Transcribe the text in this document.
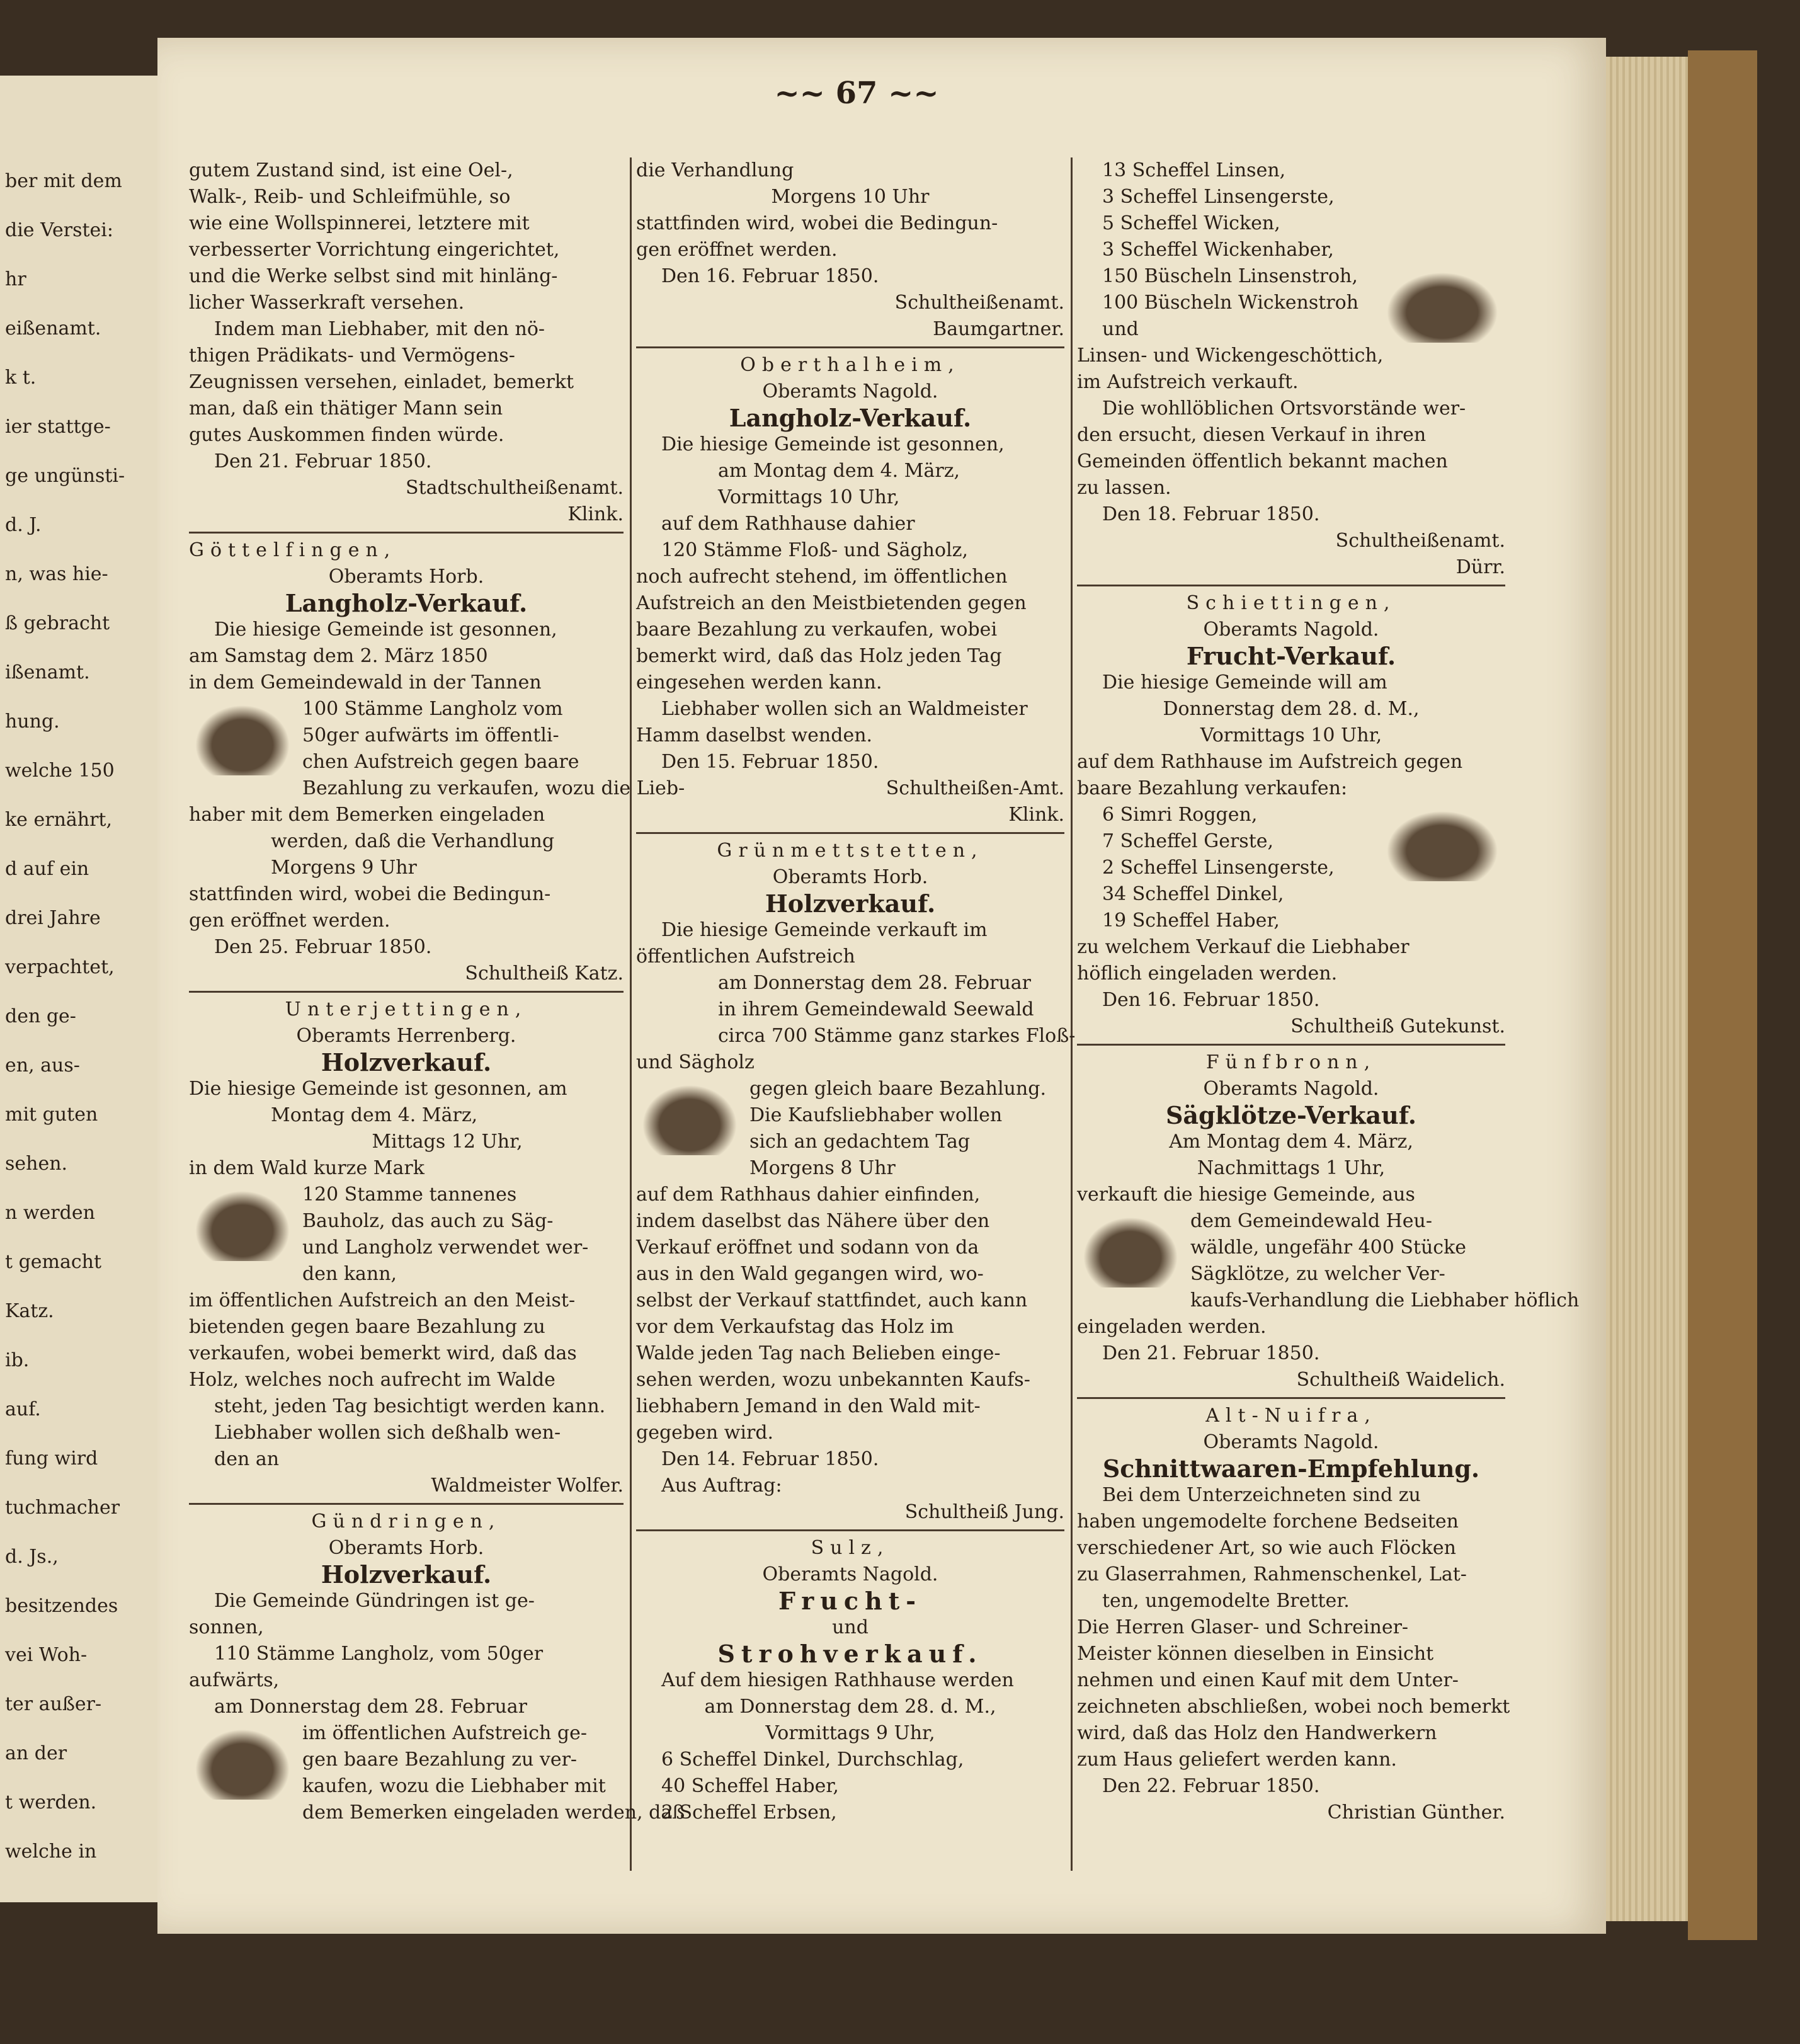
ber mit dem
die Verstei:
hr
eißenamt.
k t.
ier stattge-
ge ungünsti-
d. J.
n, was hie-
ß gebracht
ißenamt.
hung.
welche 150
ke ernährt,
d auf ein
drei Jahre
verpachtet,
den ge-
en, aus-
mit guten
sehen.
n werden
t gemacht
Katz.
ib.
auf.
fung wird
tuchmacher
d. Js.,
besitzendes
vei Woh-
ter außer-
an der
t werden.
welche in
~~ 67 ~~
gutem Zustand sind, ist eine Oel-,
Walk-, Reib- und Schleifmühle, so
wie eine Wollspinnerei, letztere mit
verbesserter Vorrichtung eingerichtet,
und die Werke selbst sind mit hinläng-
licher Wasserkraft versehen.
Indem man Liebhaber, mit den nö-
thigen Prädikats- und Vermögens-
Zeugnissen versehen, einladet, bemerkt
man, daß ein thätiger Mann sein
gutes Auskommen finden würde.
Den 21. Februar 1850.
Stadtschultheißenamt.
Klink.
Göttelfingen,
Oberamts Horb.
Langholz-Verkauf.
Die hiesige Gemeinde ist gesonnen,
am Samstag dem 2. März 1850
in dem Gemeindewald in der Tannen
100 Stämme Langholz vom
50ger aufwärts im öffentli-
chen Aufstreich gegen baare
Bezahlung zu verkaufen, wozu die Lieb-
haber mit dem Bemerken eingeladen
werden, daß die Verhandlung
Morgens 9 Uhr
stattfinden wird, wobei die Bedingun-
gen eröffnet werden.
Den 25. Februar 1850.
Schultheiß Katz.
Unterjettingen,
Oberamts Herrenberg.
Holzverkauf.
Die hiesige Gemeinde ist gesonnen, am
Montag dem 4. März,
Mittags 12 Uhr,
in dem Wald kurze Mark
120 Stamme tannenes
Bauholz, das auch zu Säg-
und Langholz verwendet wer-
den kann,
im öffentlichen Aufstreich an den Meist-
bietenden gegen baare Bezahlung zu
verkaufen, wobei bemerkt wird, daß das
Holz, welches noch aufrecht im Walde
steht, jeden Tag besichtigt werden kann.
Liebhaber wollen sich deßhalb wen-
den an
Waldmeister Wolfer.
Gündringen,
Oberamts Horb.
Holzverkauf.
Die Gemeinde Gündringen ist ge-
sonnen,
110 Stämme Langholz, vom 50ger
aufwärts,
am Donnerstag dem 28. Februar
im öffentlichen Aufstreich ge-
gen baare Bezahlung zu ver-
kaufen, wozu die Liebhaber mit
dem Bemerken eingeladen werden, daß
die Verhandlung
Morgens 10 Uhr
stattfinden wird, wobei die Bedingun-
gen eröffnet werden.
Den 16. Februar 1850.
Schultheißenamt.
Baumgartner.
Oberthalheim,
Oberamts Nagold.
Langholz-Verkauf.
Die hiesige Gemeinde ist gesonnen,
am Montag dem 4. März,
Vormittags 10 Uhr,
auf dem Rathhause dahier
120 Stämme Floß- und Sägholz,
noch aufrecht stehend, im öffentlichen
Aufstreich an den Meistbietenden gegen
baare Bezahlung zu verkaufen, wobei
bemerkt wird, daß das Holz jeden Tag
eingesehen werden kann.
Liebhaber wollen sich an Waldmeister
Hamm daselbst wenden.
Den 15. Februar 1850.
Schultheißen-Amt.
Klink.
Grünmettstetten,
Oberamts Horb.
Holzverkauf.
Die hiesige Gemeinde verkauft im
öffentlichen Aufstreich
am Donnerstag dem 28. Februar
in ihrem Gemeindewald Seewald
circa 700 Stämme ganz starkes Floß-
und Sägholz
gegen gleich baare Bezahlung.
Die Kaufsliebhaber wollen
sich an gedachtem Tag
Morgens 8 Uhr
auf dem Rathhaus dahier einfinden,
indem daselbst das Nähere über den
Verkauf eröffnet und sodann von da
aus in den Wald gegangen wird, wo-
selbst der Verkauf stattfindet, auch kann
vor dem Verkaufstag das Holz im
Walde jeden Tag nach Belieben einge-
sehen werden, wozu unbekannten Kaufs-
liebhabern Jemand in den Wald mit-
gegeben wird.
Den 14. Februar 1850.
Aus Auftrag:
Schultheiß Jung.
Sulz,
Oberamts Nagold.
Frucht-
und
Strohverkauf.
Auf dem hiesigen Rathhause werden
am Donnerstag dem 28. d. M.,
Vormittags 9 Uhr,
6 Scheffel Dinkel, Durchschlag,
40 Scheffel Haber,
2 Scheffel Erbsen,
13 Scheffel Linsen,
3 Scheffel Linsengerste,
5 Scheffel Wicken,
3 Scheffel Wickenhaber,
150 Büscheln Linsenstroh,
100 Büscheln Wickenstroh
und
Linsen- und Wickengeschöttich,
im Aufstreich verkauft.
Die wohllöblichen Ortsvorstände wer-
den ersucht, diesen Verkauf in ihren
Gemeinden öffentlich bekannt machen
zu lassen.
Den 18. Februar 1850.
Schultheißenamt.
Dürr.
Schiettingen,
Oberamts Nagold.
Frucht-Verkauf.
Die hiesige Gemeinde will am
Donnerstag dem 28. d. M.,
Vormittags 10 Uhr,
auf dem Rathhause im Aufstreich gegen
baare Bezahlung verkaufen:
6 Simri Roggen,
7 Scheffel Gerste,
2 Scheffel Linsengerste,
34 Scheffel Dinkel,
19 Scheffel Haber,
zu welchem Verkauf die Liebhaber
höflich eingeladen werden.
Den 16. Februar 1850.
Schultheiß Gutekunst.
Fünfbronn,
Oberamts Nagold.
Sägklötze-Verkauf.
Am Montag dem 4. März,
Nachmittags 1 Uhr,
verkauft die hiesige Gemeinde, aus
dem Gemeindewald Heu-
wäldle, ungefähr 400 Stücke
Sägklötze, zu welcher Ver-
kaufs-Verhandlung die Liebhaber höflich
eingeladen werden.
Den 21. Februar 1850.
Schultheiß Waidelich.
Alt-Nuifra,
Oberamts Nagold.
Schnittwaaren-Empfehlung.
Bei dem Unterzeichneten sind zu
haben ungemodelte forchene Bedseiten
verschiedener Art, so wie auch Flöcken
zu Glaserrahmen, Rahmenschenkel, Lat-
ten, ungemodelte Bretter.
Die Herren Glaser- und Schreiner-
Meister können dieselben in Einsicht
nehmen und einen Kauf mit dem Unter-
zeichneten abschließen, wobei noch bemerkt
wird, daß das Holz den Handwerkern
zum Haus geliefert werden kann.
Den 22. Februar 1850.
Christian Günther.
